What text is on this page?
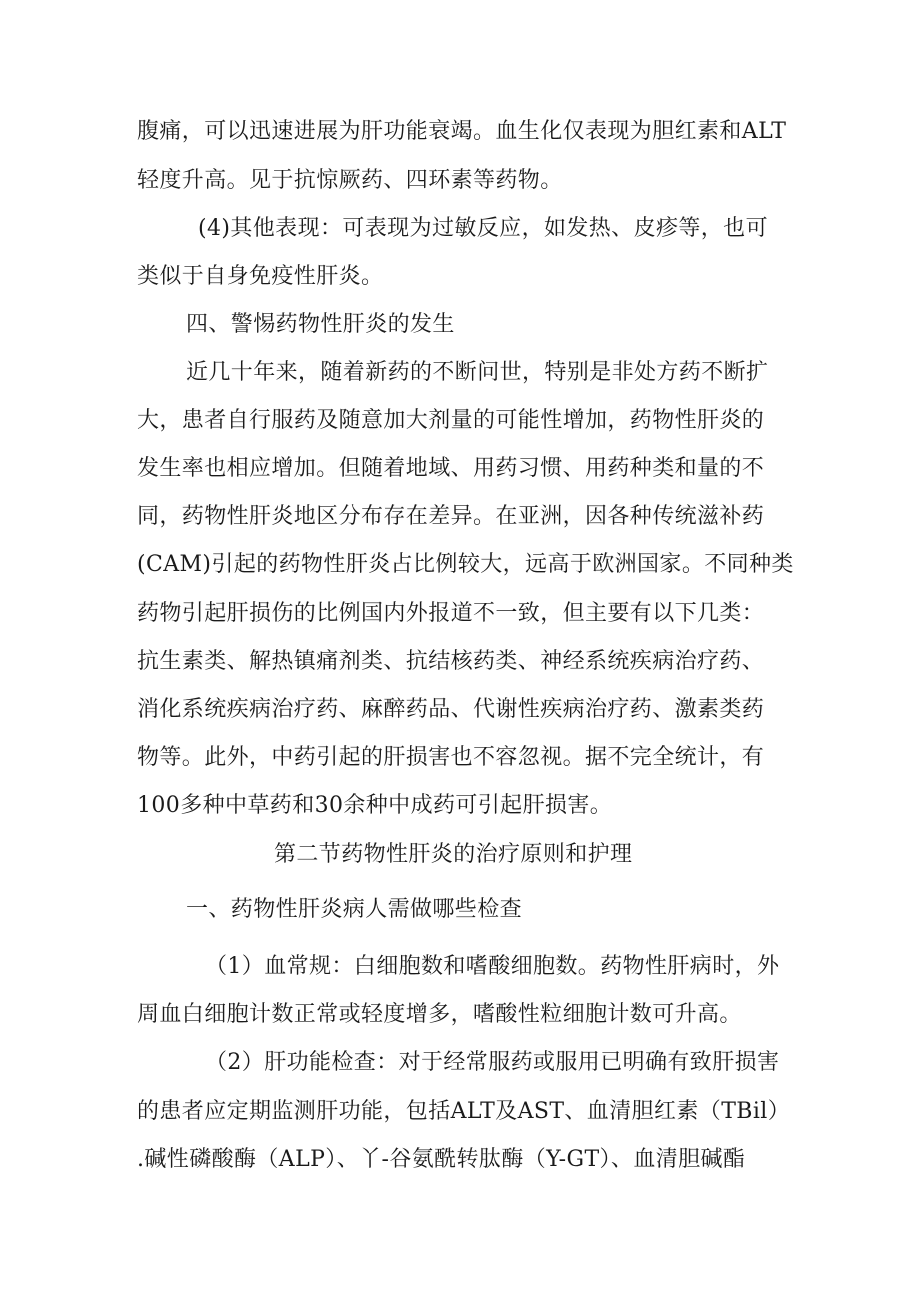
腹痛，可以迅速进展为肝功能衰竭。血生化仅表现为胆红素和ALT

轻度升高。见于抗惊厥药、四环素等药物。

(4)其他表现：可表现为过敏反应，如发热、皮疹等，也可

类似于自身免疫性肝炎。

四、警惕药物性肝炎的发生

近几十年来，随着新药的不断问世，特别是非处方药不断扩

大，患者自行服药及随意加大剂量的可能性增加，药物性肝炎的

发生率也相应增加。但随着地域、用药习惯、用药种类和量的不

同，药物性肝炎地区分布存在差异。在亚洲，因各种传统滋补药

(CAM)引起的药物性肝炎占比例较大，远高于欧洲国家。不同种类

药物引起肝损伤的比例国内外报道不一致，但主要有以下几类：

抗生素类、解热镇痛剂类、抗结核药类、神经系统疾病治疗药、

消化系统疾病治疗药、麻醉药品、代谢性疾病治疗药、激素类药

物等。此外，中药引起的肝损害也不容忽视。据不完全统计，有

100多种中草药和30余种中成药可引起肝损害。

第二节药物性肝炎的治疗原则和护理

一、药物性肝炎病人需做哪些检查

（1）血常规：白细胞数和嗜酸细胞数。药物性肝病时，外

周血白细胞计数正常或轻度增多，嗜酸性粒细胞计数可升高。

（2）肝功能检查：对于经常服药或服用已明确有致肝损害

的患者应定期监测肝功能，包括ALT及AST、血清胆红素（TBil）

.碱性磷酸酶（ALP）、丫-谷氨酰转肽酶（Y-GT）、血清胆碱酯
